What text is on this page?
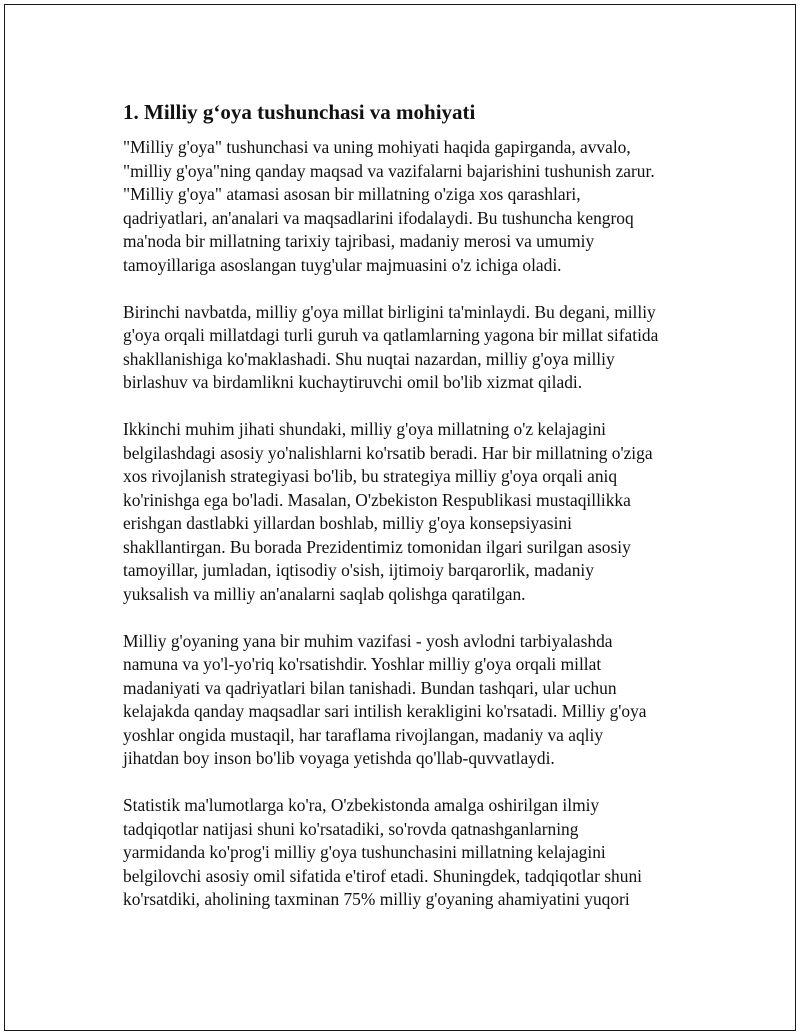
1. Milliy g‘oya tushunchasi va mohiyati

"Milliy g'oya" tushunchasi va uning mohiyati haqida gapirganda, avvalo,
"milliy g'oya"ning qanday maqsad va vazifalarni bajarishini tushunish zarur.
"Milliy g'oya" atamasi asosan bir millatning o'ziga xos qarashlari,
qadriyatlari, an'analari va maqsadlarini ifodalaydi. Bu tushuncha kengroq
ma'noda bir millatning tarixiy tajribasi, madaniy merosi va umumiy
tamoyillariga asoslangan tuyg'ular majmuasini o'z ichiga oladi.

Birinchi navbatda, milliy g'oya millat birligini ta'minlaydi. Bu degani, milliy
g'oya orqali millatdagi turli guruh va qatlamlarning yagona bir millat sifatida
shakllanishiga ko'maklashadi. Shu nuqtai nazardan, milliy g'oya milliy
birlashuv va birdamlikni kuchaytiruvchi omil bo'lib xizmat qiladi.

Ikkinchi muhim jihati shundaki, milliy g'oya millatning o'z kelajagini
belgilashdagi asosiy yo'nalishlarni ko'rsatib beradi. Har bir millatning o'ziga
xos rivojlanish strategiyasi bo'lib, bu strategiya milliy g'oya orqali aniq
ko'rinishga ega bo'ladi. Masalan, O'zbekiston Respublikasi mustaqillikka
erishgan dastlabki yillardan boshlab, milliy g'oya konsepsiyasini
shakllantirgan. Bu borada Prezidentimiz tomonidan ilgari surilgan asosiy
tamoyillar, jumladan, iqtisodiy o'sish, ijtimoiy barqarorlik, madaniy
yuksalish va milliy an'analarni saqlab qolishga qaratilgan.

Milliy g'oyaning yana bir muhim vazifasi - yosh avlodni tarbiyalashda
namuna va yo'l-yo'riq ko'rsatishdir. Yoshlar milliy g'oya orqali millat
madaniyati va qadriyatlari bilan tanishadi. Bundan tashqari, ular uchun
kelajakda qanday maqsadlar sari intilish kerakligini ko'rsatadi. Milliy g'oya
yoshlar ongida mustaqil, har taraflama rivojlangan, madaniy va aqliy
jihatdan boy inson bo'lib voyaga yetishda qo'llab-quvvatlaydi.

Statistik ma'lumotlarga ko'ra, O'zbekistonda amalga oshirilgan ilmiy
tadqiqotlar natijasi shuni ko'rsatadiki, so'rovda qatnashganlarning
yarmidanda ko'prog'i milliy g'oya tushunchasini millatning kelajagini
belgilovchi asosiy omil sifatida e'tirof etadi. Shuningdek, tadqiqotlar shuni
ko'rsatdiki, aholining taxminan 75% milliy g'oyaning ahamiyatini yuqori
